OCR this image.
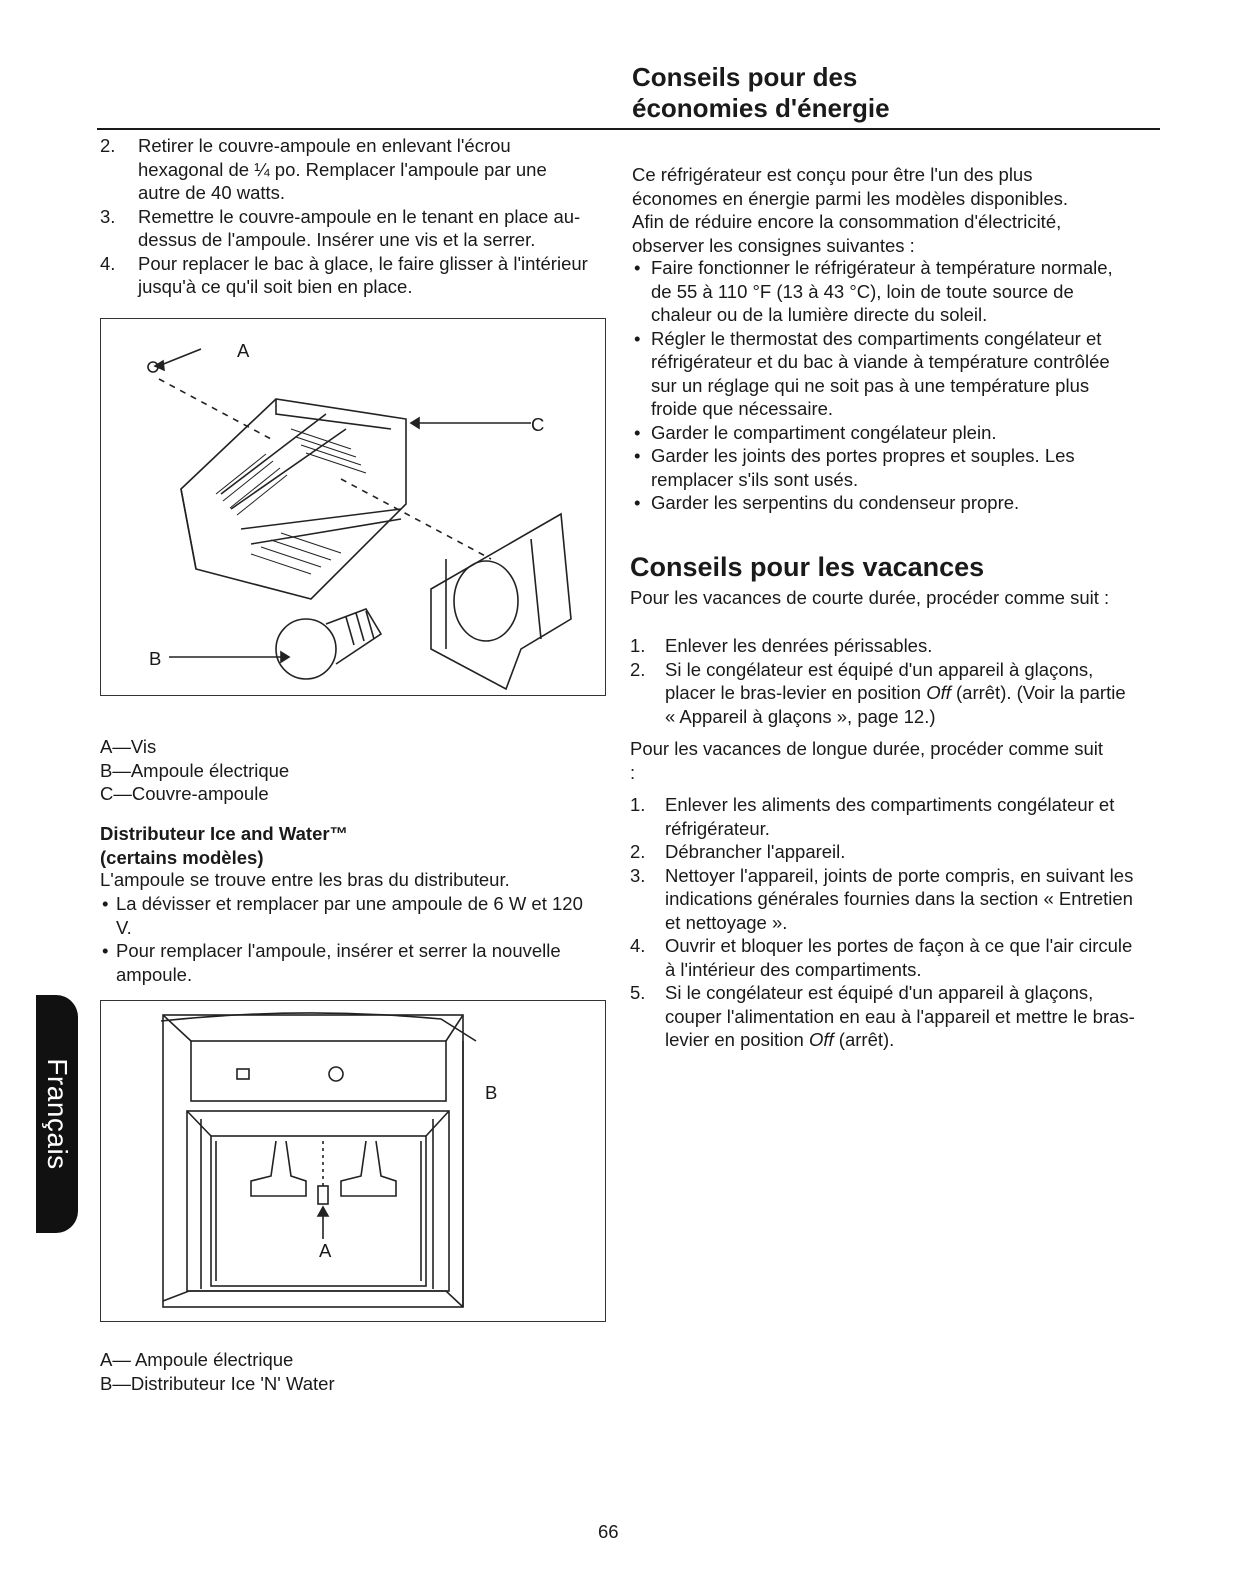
Conseils pour des
économies d'énergie
2. Retirer le couvre-ampoule en enlevant l'écrou hexagonal de ¼ po. Remplacer l'ampoule par une autre de 40 watts.
3. Remettre le couvre-ampoule en le tenant en place au-dessus de l'ampoule. Insérer une vis et la serrer.
4. Pour replacer le bac à glace, le faire glisser à l'intérieur jusqu'à ce qu'il soit bien en place.
A
C
B
A—Vis
B—Ampoule électrique
C—Couvre-ampoule
Distributeur Ice and Water™
(certains modèles)
L'ampoule se trouve entre les bras du distributeur.
• La dévisser et remplacer par une ampoule de 6 W et 120 V.
• Pour remplacer l'ampoule, insérer et serrer la nouvelle ampoule.
B
A
A— Ampoule électrique
B—Distributeur Ice 'N' Water
Ce réfrigérateur est conçu pour être l'un des plus économes en énergie parmi les modèles disponibles. Afin de réduire encore la consommation d'électricité, observer les consignes suivantes :
• Faire fonctionner le réfrigérateur à température normale, de 55 à 110 °F (13 à 43 °C), loin de toute source de chaleur ou de la lumière directe du soleil.
• Régler le thermostat des compartiments congélateur et réfrigérateur et du bac à viande à température contrôlée sur un réglage qui ne soit pas à une température plus froide que nécessaire.
• Garder le compartiment congélateur plein.
• Garder les joints des portes propres et souples. Les remplacer s'ils sont usés.
• Garder les serpentins du condenseur propre.
Conseils pour les vacances
Pour les vacances de courte durée, procéder comme suit :
1. Enlever les denrées périssables.
2. Si le congélateur est équipé d'un appareil à glaçons, placer le bras-levier en position Off (arrêt). (Voir la partie « Appareil à glaçons », page 12.)
Pour les vacances de longue durée, procéder comme suit :
1. Enlever les aliments des compartiments congélateur et réfrigérateur.
2. Débrancher l'appareil.
3. Nettoyer l'appareil, joints de porte compris, en suivant les indications générales fournies dans la section « Entretien et nettoyage ».
4. Ouvrir et bloquer les portes de façon à ce que l'air circule à l'intérieur des compartiments.
5. Si le congélateur est équipé d'un appareil à glaçons, couper l'alimentation en eau à l'appareil et mettre le bras-levier en position Off (arrêt).
Français
66
